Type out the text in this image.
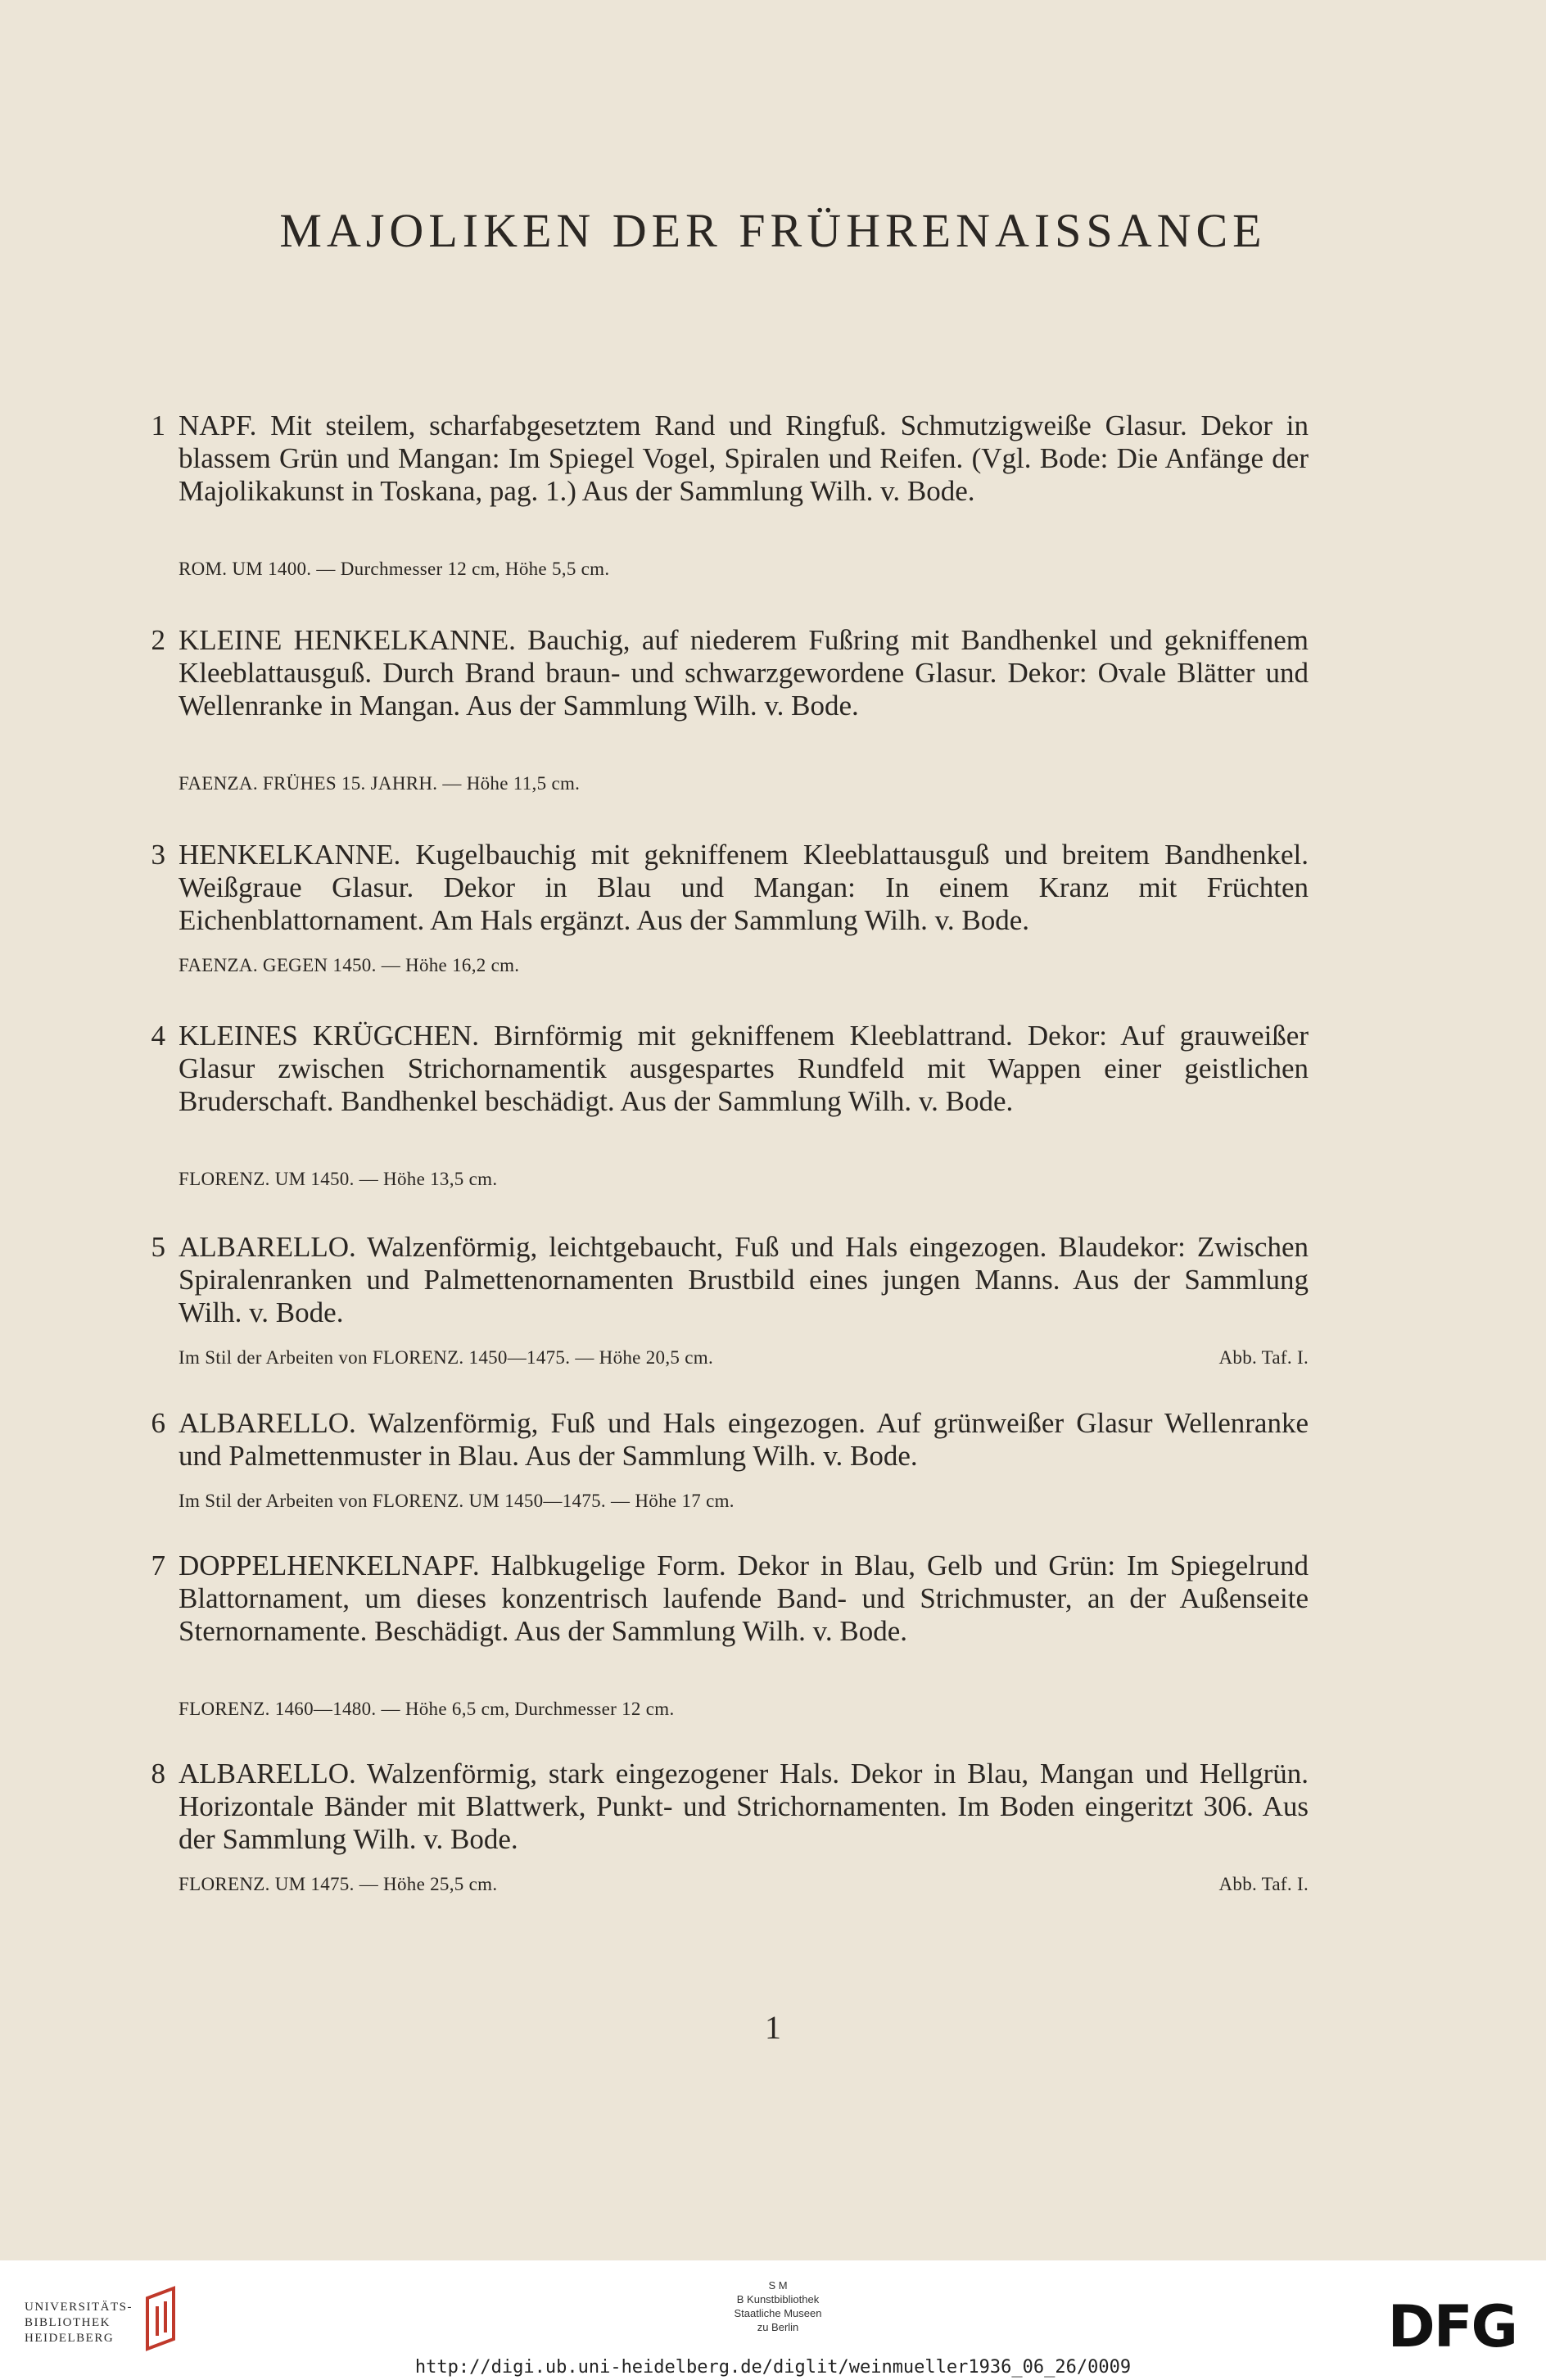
MAJOLIKEN DER FRÜHRENAISSANCE
1 NAPF. Mit steilem, scharfabgesetztem Rand und Ringfuß. Schmutzigweiße Glasur. Dekor in blassem Grün und Mangan: Im Spiegel Vogel, Spiralen und Reifen. (Vgl. Bode: Die Anfänge der Majolikakunst in Toskana, pag. 1.) Aus der Sammlung Wilh. v. Bode.
ROM. UM 1400. — Durchmesser 12 cm, Höhe 5,5 cm.
2 KLEINE HENKELKANNE. Bauchig, auf niederem Fußring mit Bandhenkel und gekniffenem Kleeblattausguß. Durch Brand braun- und schwarzgewordene Glasur. Dekor: Ovale Blätter und Wellenranke in Mangan. Aus der Sammlung Wilh. v. Bode.
FAENZA. FRÜHES 15. JAHRH. — Höhe 11,5 cm.
3 HENKELKANNE. Kugelbauchig mit gekniffenem Kleeblattausguß und breitem Bandhenkel. Weißgraue Glasur. Dekor in Blau und Mangan: In einem Kranz mit Früchten Eichenblattornament. Am Hals ergänzt. Aus der Sammlung Wilh. v. Bode.
FAENZA. GEGEN 1450. — Höhe 16,2 cm.
4 KLEINES KRÜGCHEN. Birnförmig mit gekniffenem Kleeblattrand. Dekor: Auf grauweißer Glasur zwischen Strichornamentik ausgespartes Rundfeld mit Wappen einer geistlichen Bruderschaft. Bandhenkel beschädigt. Aus der Sammlung Wilh. v. Bode.
FLORENZ. UM 1450. — Höhe 13,5 cm.
5 ALBARELLO. Walzenförmig, leichtgebaucht, Fuß und Hals eingezogen. Blaudekor: Zwischen Spiralenranken und Palmettenornamenten Brustbild eines jungen Manns. Aus der Sammlung Wilh. v. Bode.
Im Stil der Arbeiten von FLORENZ. 1450—1475. — Höhe 20,5 cm.	Abb. Taf. I.
6 ALBARELLO. Walzenförmig, Fuß und Hals eingezogen. Auf grünweißer Glasur Wellenranke und Palmettenmuster in Blau. Aus der Sammlung Wilh. v. Bode.
Im Stil der Arbeiten von FLORENZ. UM 1450—1475. — Höhe 17 cm.
7 DOPPELHENKELNAPF. Halbkugelige Form. Dekor in Blau, Gelb und Grün: Im Spiegelrund Blattornament, um dieses konzentrisch laufende Band- und Strichmuster, an der Außenseite Sternornamente. Beschädigt. Aus der Sammlung Wilh. v. Bode.
FLORENZ. 1460—1480. — Höhe 6,5 cm, Durchmesser 12 cm.
8 ALBARELLO. Walzenförmig, stark eingezogener Hals. Dekor in Blau, Mangan und Hellgrün. Horizontale Bänder mit Blattwerk, Punkt- und Strichornamenten. Im Boden eingeritzt 306. Aus der Sammlung Wilh. v. Bode.
FLORENZ. UM 1475. — Höhe 25,5 cm.	Abb. Taf. I.
1
UNIVERSITÄTS-
BIBLIOTHEK
HEIDELBERG
S M
B Kunstbibliothek
Staatliche Museen
zu Berlin	DFG
http://digi.ub.uni-heidelberg.de/diglit/weinmueller1936_06_26/0009
